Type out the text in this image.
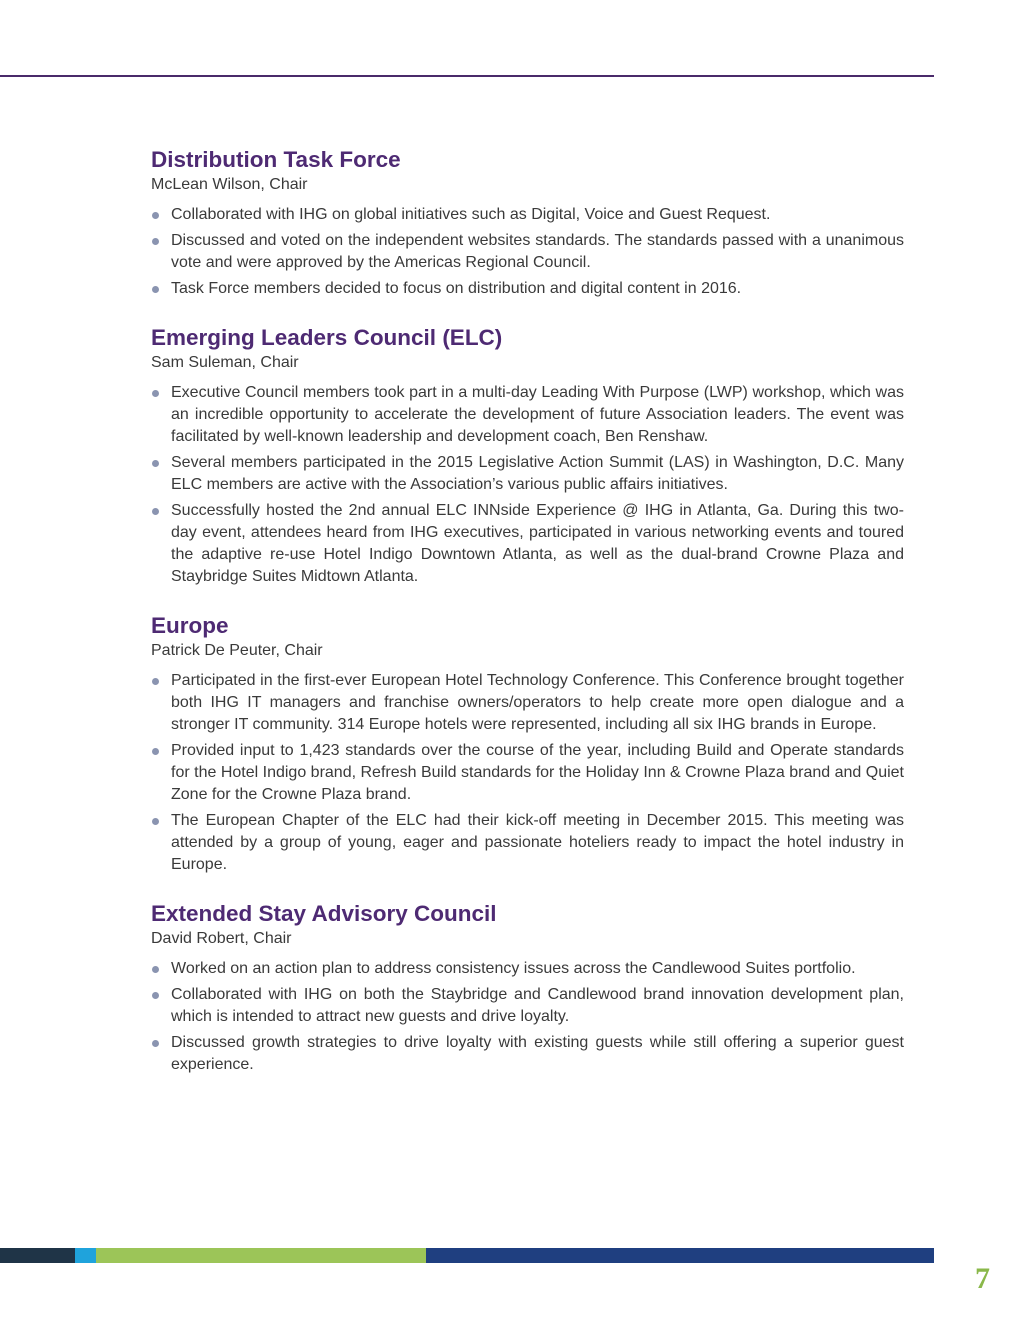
Distribution Task Force

McLean Wilson, Chair

Collaborated with IHG on global initiatives such as Digital, Voice and Guest Request.
Discussed and voted on the independent websites standards. The standards passed with a unanimous vote and were approved by the Americas Regional Council.
Task Force members decided to focus on distribution and digital content in 2016.
Emerging Leaders Council (ELC)

Sam Suleman, Chair

Executive Council members took part in a multi-day Leading With Purpose (LWP) workshop, which was an incredible opportunity to accelerate the development of future Association leaders. The event was facilitated by well-known leadership and development coach, Ben Renshaw.
Several members participated in the 2015 Legislative Action Summit (LAS) in Washington, D.C. Many ELC members are active with the Association’s various public affairs initiatives.
Successfully hosted the 2nd annual ELC INNside Experience @ IHG in Atlanta, Ga. During this two-day event, attendees heard from IHG executives, participated in various networking events and toured the adaptive re-use Hotel Indigo Downtown Atlanta, as well as the dual-brand Crowne Plaza and Staybridge Suites Midtown Atlanta.
Europe

Patrick De Peuter, Chair

Participated in the first-ever European Hotel Technology Conference. This Conference brought together both IHG IT managers and franchise owners/operators to help create more open dialogue and a stronger IT community. 314 Europe hotels were represented, including all six IHG brands in Europe.
Provided input to 1,423 standards over the course of the year, including Build and Operate standards for the Hotel Indigo brand, Refresh Build standards for the Holiday Inn & Crowne Plaza brand and Quiet Zone for the Crowne Plaza brand.
The European Chapter of the ELC had their kick-off meeting in December 2015. This meeting was attended by a group of young, eager and passionate hoteliers ready to impact the hotel industry in Europe.
Extended Stay Advisory Council

David Robert, Chair

Worked on an action plan to address consistency issues across the Candlewood Suites portfolio.
Collaborated with IHG on both the Staybridge and Candlewood brand innovation development plan, which is intended to attract new guests and drive loyalty.
Discussed growth strategies to drive loyalty with existing guests while still offering a superior guest experience.
7
